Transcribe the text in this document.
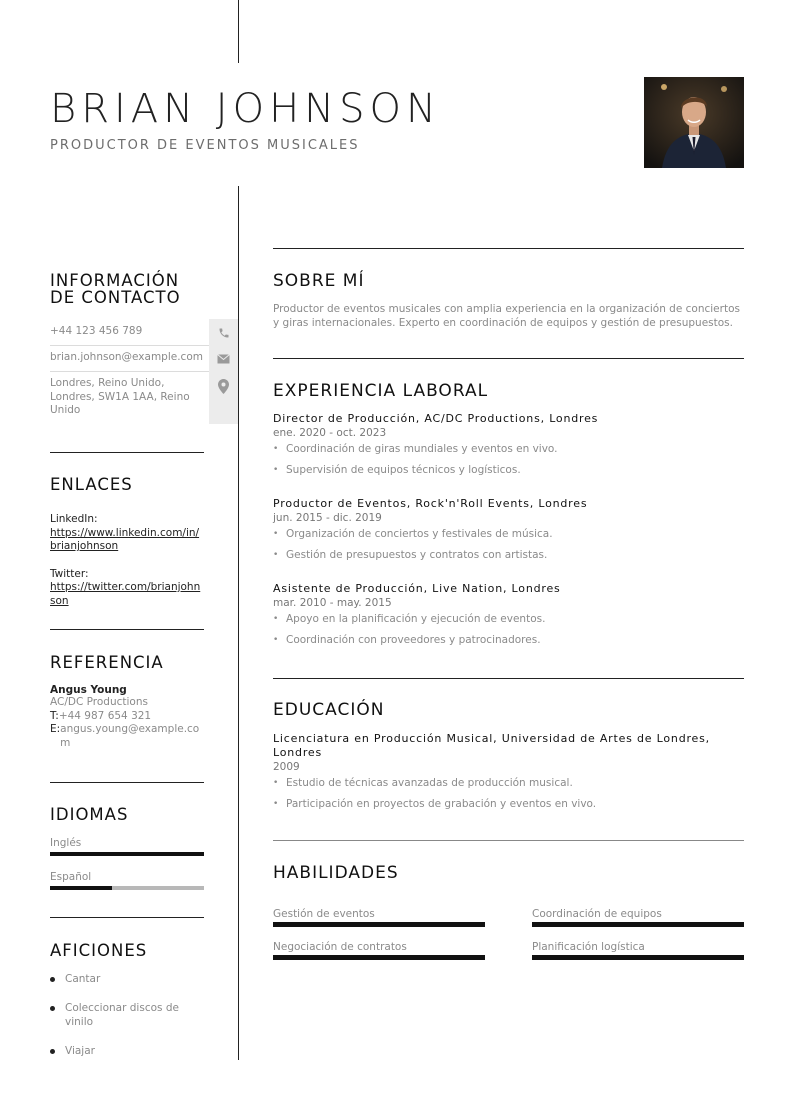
BRIAN JOHNSON
PRODUCTOR DE EVENTOS MUSICALES
INFORMACIÓN
DE CONTACTO
+44 123 456 789
brian.johnson@example.com
Londres, Reino Unido, Londres, SW1A 1AA, Reino Unido
ENLACES
LinkedIn:
https://www.linkedin.com/in/brianjohnson
Twitter:
https://twitter.com/brianjohnson
REFERENCIA
Angus Young
AC/DC Productions
T: +44 987 654 321
E: angus.young@example.com
IDIOMAS
Inglés
Español
AFICIONES
Cantar
Coleccionar discos de vinilo
Viajar
SOBRE MÍ
Productor de eventos musicales con amplia experiencia en la organización de conciertos y giras internacionales. Experto en coordinación de equipos y gestión de presupuestos.
EXPERIENCIA LABORAL
Director de Producción, AC/DC Productions, Londres
ene. 2020 - oct. 2023
• Coordinación de giras mundiales y eventos en vivo.
• Supervisión de equipos técnicos y logísticos.
Productor de Eventos, Rock'n'Roll Events, Londres
jun. 2015 - dic. 2019
• Organización de conciertos y festivales de música.
• Gestión de presupuestos y contratos con artistas.
Asistente de Producción, Live Nation, Londres
mar. 2010 - may. 2015
• Apoyo en la planificación y ejecución de eventos.
• Coordinación con proveedores y patrocinadores.
EDUCACIÓN
Licenciatura en Producción Musical, Universidad de Artes de Londres, Londres
2009
• Estudio de técnicas avanzadas de producción musical.
• Participación en proyectos de grabación y eventos en vivo.
HABILIDADES
Gestión de eventos	Coordinación de equipos
Negociación de contratos	Planificación logística
